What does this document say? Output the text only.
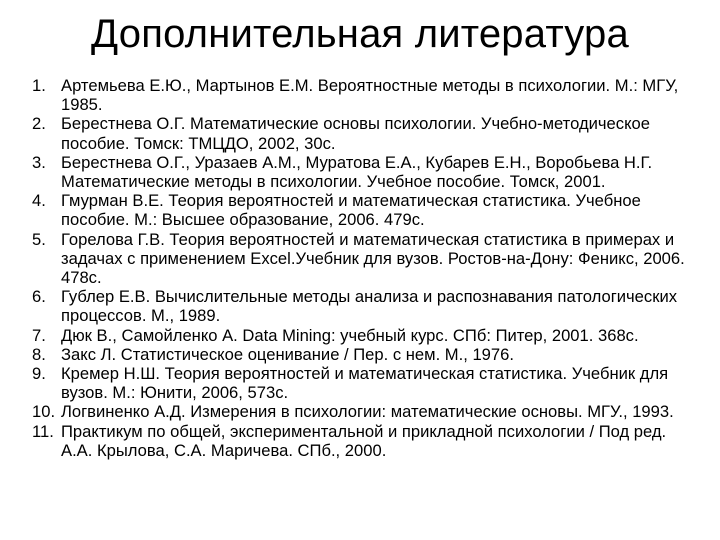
Дополнительная литература
1. Артемьева Е.Ю., Мартынов Е.М. Вероятностные методы в психологии. М.: МГУ, 1985.
2. Берестнева О.Г. Математические основы психологии. Учебно-методическое пособие. Томск: ТМЦДО, 2002, 30с.
3. Берестнева О.Г., Уразаев А.М., Муратова Е.А., Кубарев Е.Н., Воробьева Н.Г. Математические методы в психологии. Учебное пособие. Томск, 2001.
4. Гмурман В.Е. Теория вероятностей и математическая статистика. Учебное пособие. М.: Высшее образование, 2006. 479с.
5. Горелова Г.В. Теория вероятностей и математическая статистика в примерах и задачах с применением Excel.Учебник для вузов. Ростов-на-Дону: Феникс, 2006. 478с.
6. Гублер Е.В. Вычислительные методы анализа и распознавания патологических процессов. М., 1989.
7. Дюк В., Самойленко А. Data Mining: учебный курс. СПб: Питер, 2001. 368с.
8. Закс Л. Статистическое оценивание / Пер. с нем. М., 1976.
9. Кремер Н.Ш. Теория вероятностей и математическая статистика. Учебник для вузов. М.: Юнити, 2006, 573с.
10. Логвиненко А.Д. Измерения в психологии: математические основы. МГУ., 1993.
11. Практикум по общей, экспериментальной и прикладной психологии / Под ред. А.А. Крылова, С.А. Маричева. СПб., 2000.
